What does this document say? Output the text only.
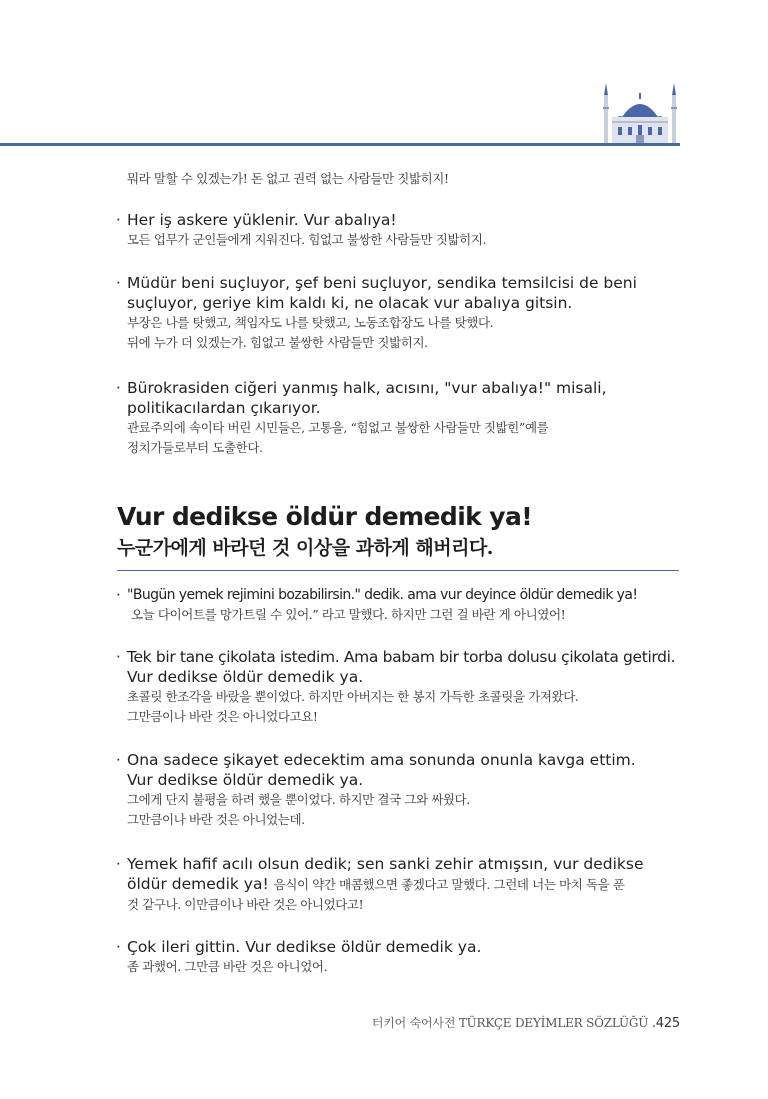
뭐라 말할 수 있겠는가! 돈 없고 권력 없는 사람들만 짓밟히지!

· Her iş askere yüklenir. Vur abalıya!

모든 업무가 군인들에게 지워진다. 힘없고 불쌍한 사람들만 짓밟히지.

· Müdür beni suçluyor, şef beni suçluyor, sendika temsilcisi de beni

suçluyor, geriye kim kaldı ki, ne olacak vur abalıya gitsin.

부장은 나를 탓했고, 책임자도 나를 탓했고, 노동조합장도 나를 탓했다.

뒤에 누가 더 있겠는가. 힘없고 불쌍한 사람들만 짓밟히지.

· Bürokrasiden ciğeri yanmış halk, acısını, "vur abalıya!" misali,

politikacılardan çıkarıyor.

관료주의에 속이타 버린 시민들은, 고통을, “힘없고 불쌍한 사람들만 짓밟힌”예를

정치가들로부터 도출한다.

Vur dedikse öldür demedik ya!
누군가에게 바라던 것 이상을 과하게 해버리다.
· "Bugün yemek rejimini bozabilirsin." dedik. ama vur deyince öldür demedik ya!

오늘 다이어트를 망가트릴 수 있어.” 라고 말했다. 하지만 그런 걸 바란 게 아니였어!

· Tek bir tane çikolata istedim. Ama babam bir torba dolusu çikolata getirdi.

Vur dedikse öldür demedik ya.

초콜릿 한조각을 바랐을 뿐이었다. 하지만 아버지는 한 봉지 가득한 초콜릿을 가져왔다.

그만큼이나 바란 것은 아니었다고요!

· Ona sadece şikayet edecektim ama sonunda onunla kavga ettim.

Vur dedikse öldür demedik ya.

그에게 단지 불평을 하려 했을 뿐이었다. 하지만 결국 그와 싸웠다.

그만큼이나 바란 것은 아니었는데.

· Yemek hafif acılı olsun dedik; sen sanki zehir atmışsın, vur dedikse

öldür demedik ya! 음식이 약간 매콤했으면 좋겠다고 말했다. 그런데 너는 마치 독을 푼

것 같구나. 이만큼이나 바란 것은 아니었다고!

· Çok ileri gittin. Vur dedikse öldür demedik ya.

좀 과했어. 그만큼 바란 것은 아니었어.

터키어 숙어사전 TÜRKÇE DEYİMLER SÖZLÜĞÜ .425
